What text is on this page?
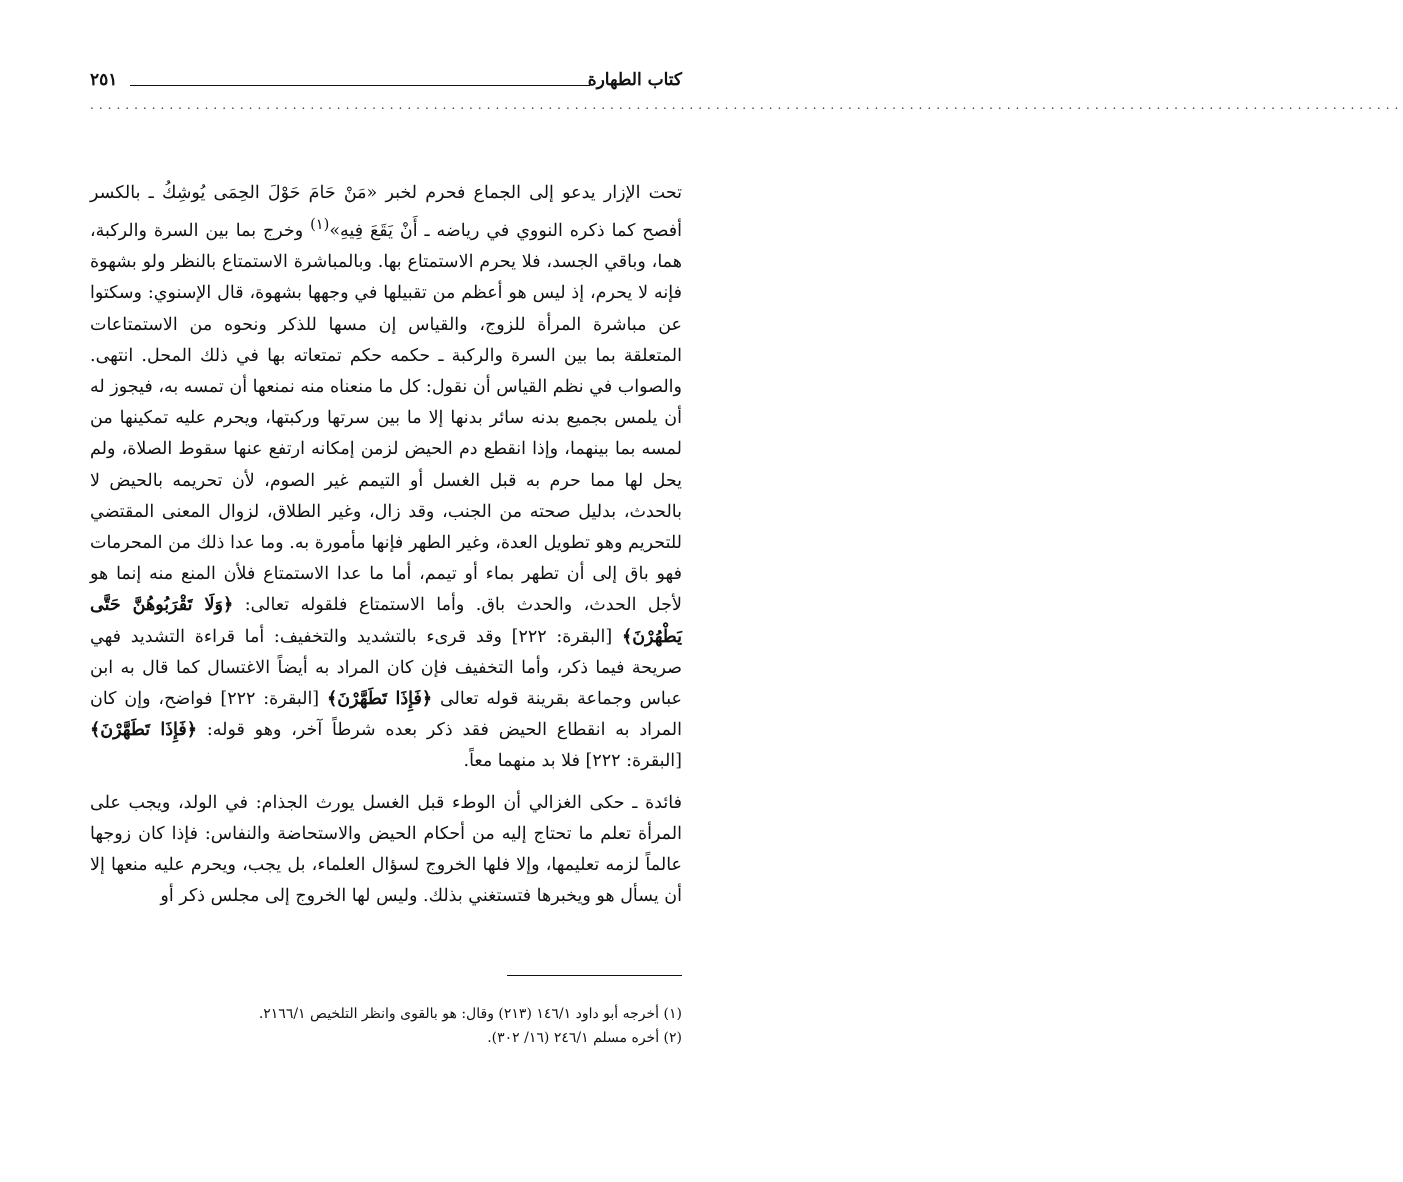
كتاب الطهارة
٢٥١
.....................................................................................................................................................

تحت الإزار يدعو إلى الجماع فحرم لخبر «مَنْ حَامَ حَوْلَ الحِمَى يُوشِكُ ـ بالكسر أفصح كما ذكره النووي في رياضه ـ أَنْ يَقَعَ فِيهِ»$^{(١)}$ وخرج بما بين السرة والركبة، هما، وباقي الجسد، فلا يحرم الاستمتاع بها. وبالمباشرة الاستمتاع بالنظر ولو بشهوة فإنه لا يحرم، إذ ليس هو أعظم من تقبيلها في وجهها بشهوة، قال الإسنوي: وسكتوا عن مباشرة المرأة للزوج، والقياس إن مسها للذكر ونحوه من الاستمتاعات المتعلقة بما بين السرة والركبة ـ حكمه حكم تمتعاته بها في ذلك المحل. انتهى. والصواب في نظم القياس أن نقول: كل ما منعناه منه نمنعها أن تمسه به، فيجوز له أن يلمس بجميع بدنه سائر بدنها إلا ما بين سرتها وركبتها، ويحرم عليه تمكينها من لمسه بما بينهما، وإذا انقطع دم الحيض لزمن إمكانه ارتفع عنها سقوط الصلاة، ولم يحل لها مما حرم به قبل الغسل أو التيمم غير الصوم، لأن تحريمه بالحيض لا بالحدث، بدليل صحته من الجنب، وقد زال، وغير الطلاق، لزوال المعنى المقتضي للتحريم وهو تطويل العدة، وغير الطهر فإنها مأمورة به. وما عدا ذلك من المحرمات فهو باق إلى أن تطهر بماء أو تيمم، أما ما عدا الاستمتاع فلأن المنع منه إنما هو لأجل الحدث، والحدث باق. وأما الاستمتاع فلقوله تعالى: ﴿وَلَا تَقْرَبُوهُنَّ حَتَّى يَطْهُرْنَ﴾ [البقرة: ٢٢٢] وقد قرىء بالتشديد والتخفيف: أما قراءة التشديد فهي صريحة فيما ذكر، وأما التخفيف فإن كان المراد به أيضاً الاغتسال كما قال به ابن عباس وجماعة بقرينة قوله تعالى ﴿فَإِذَا تَطَهَّرْنَ﴾ [البقرة: ٢٢٢] فواضح، وإن كان المراد به انقطاع الحيض فقد ذكر بعده شرطاً آخر، وهو قوله: ﴿فَإِذَا تَطَهَّرْنَ﴾ [البقرة: ٢٢٢] فلا بد منهما معاً.

فائدة ـ حكى الغزالي أن الوطء قبل الغسل يورث الجذام: في الولد، ويجب على المرأة تعلم ما تحتاج إليه من أحكام الحيض والاستحاضة والنفاس: فإذا كان زوجها عالماً لزمه تعليمها، وإلا فلها الخروج لسؤال العلماء، بل يجب، ويحرم عليه منعها إلا أن يسأل هو ويخبرها فتستغني بذلك. وليس لها الخروج إلى مجلس ذكر أو

(١) أخرجه أبو داود ١٤٦/١ (٢١٣) وقال: هو بالقوى وانظر التلخيص ٢١٦٦/١.
(٢) أخره مسلم ٢٤٦/١ (١٦/ ٣٠٢).
